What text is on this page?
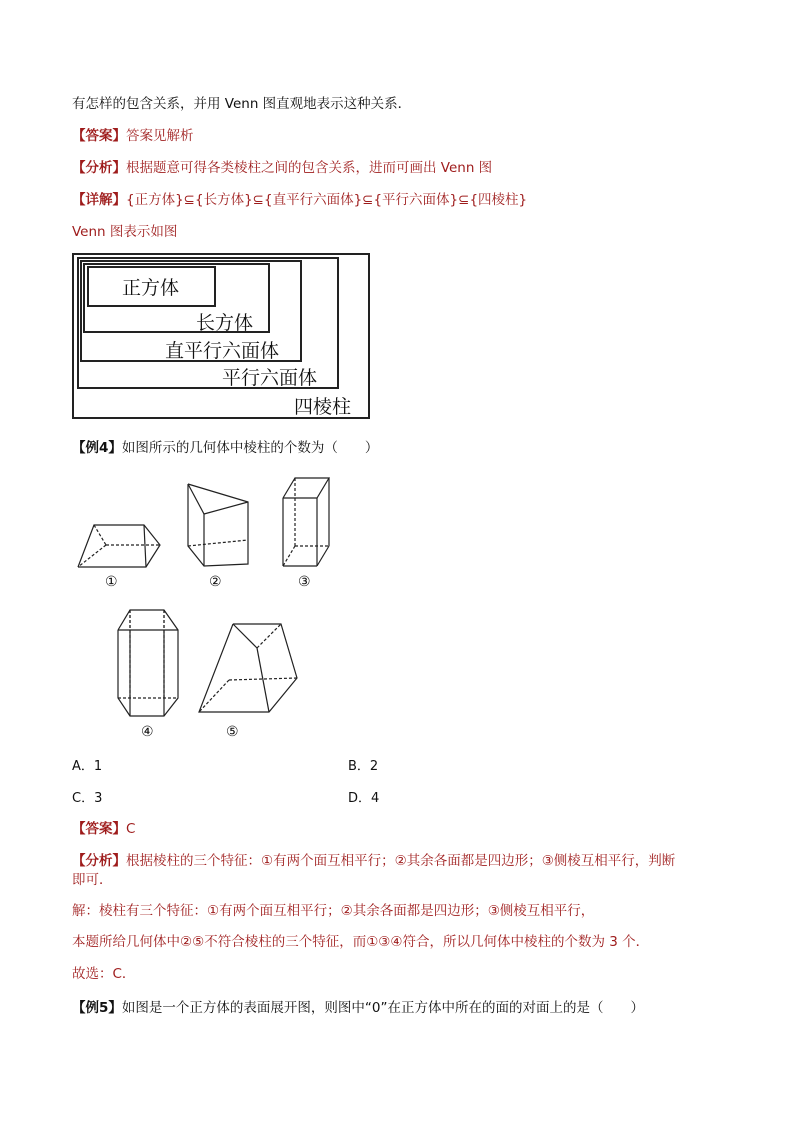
有怎样的包含关系，并用 Venn 图直观地表示这种关系．
【答案】答案见解析
【分析】根据题意可得各类棱柱之间的包含关系，进而可画出 Venn 图
【详解】{正方体}⊆{长方体}⊆{直平行六面体}⊆{平行六面体}⊆{四棱柱}
Venn 图表示如图
正方体
长方体
直平行六面体
平行六面体
四棱柱
【例4】如图所示的几何体中棱柱的个数为（　　）
①	②	③
④	⑤
A．1	B．2
C．3	D．4
【答案】C
【分析】根据棱柱的三个特征：①有两个面互相平行；②其余各面都是四边形；③侧棱互相平行，判断
即可．
解：棱柱有三个特征：①有两个面互相平行；②其余各面都是四边形；③侧棱互相平行，
本题所给几何体中②⑤不符合棱柱的三个特征，而①③④符合，所以几何体中棱柱的个数为 3 个．
故选：C．
【例5】如图是一个正方体的表面展开图，则图中“0”在正方体中所在的面的对面上的是（　　）
